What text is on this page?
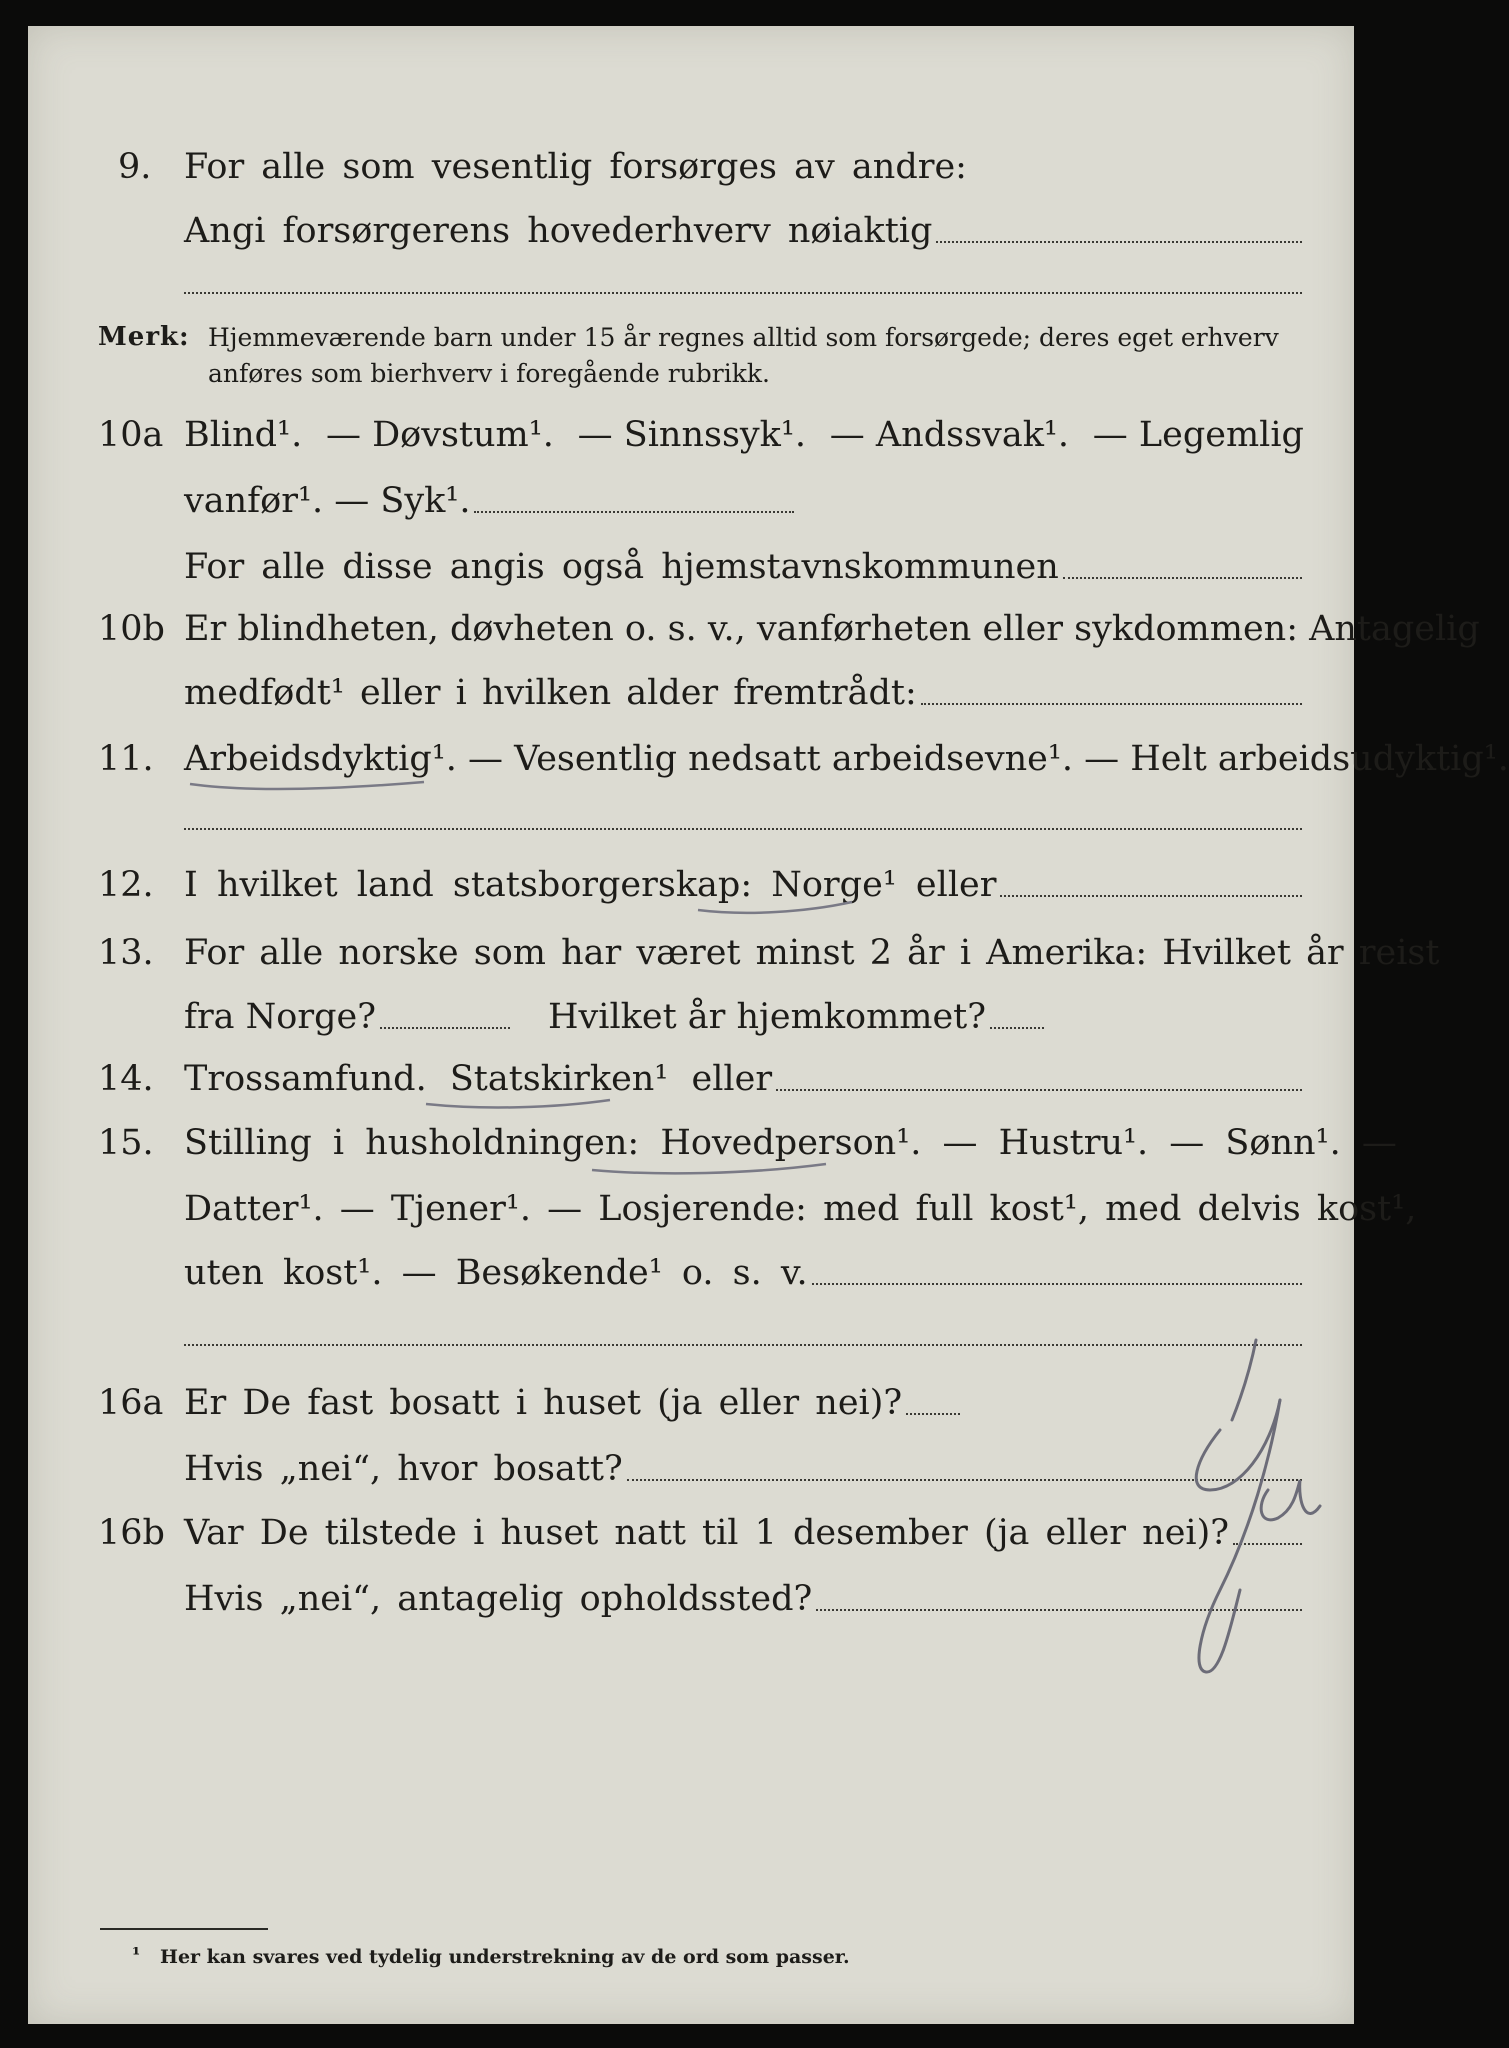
9. For alle som vesentlig forsørges av andre:
Angi forsørgerens hovederhverv nøiaktig
Merk: Hjemmeværende barn under 15 år regnes alltid som forsørgede; deres eget erhverv anføres som bierhverv i foregående rubrikk.
10a Blind¹. — Døvstum¹. — Sinnssyk¹. — Andssvak¹. — Legemlig
vanfør¹. — Syk¹.
For alle disse angis også hjemstavnskommunen
10b Er blindheten, døvheten o. s. v., vanførheten eller sykdommen: Antagelig
medfødt¹ eller i hvilken alder fremtrådt:
11. Arbeidsdyktig¹. — Vesentlig nedsatt arbeidsevne¹. — Helt arbeidsudyktig¹.
12. I hvilket land statsborgerskap: Norge¹ eller
13. For alle norske som har været minst 2 år i Amerika: Hvilket år reist
fra Norge?	Hvilket år hjemkommet?
14. Trossamfund. Statskirken¹ eller
15. Stilling i husholdningen: Hovedperson¹. — Hustru¹. — Sønn¹. —
Datter¹. — Tjener¹. — Losjerende: med full kost¹, med delvis kost¹,
uten kost¹. — Besøkende¹ o. s. v.
16a Er De fast bosatt i huset (ja eller nei)?
Hvis „nei“, hvor bosatt?
16b Var De tilstede i huset natt til 1 desember (ja eller nei)?
Hvis „nei“, antagelig opholdssted?
¹ Her kan svares ved tydelig understrekning av de ord som passer.
